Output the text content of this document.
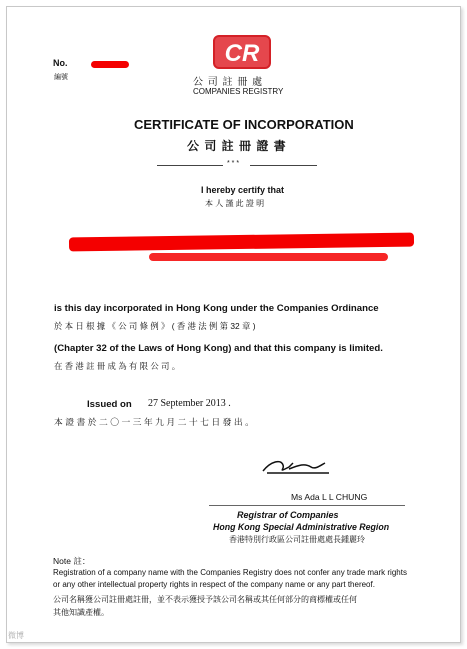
No.
編號
CR
公 司 註 冊 處
COMPANIES REGISTRY
CERTIFICATE OF INCORPORATION
公 司 註 冊 證 書
* * *
I hereby certify that
本 人 謹 此 證 明
is this day incorporated in Hong Kong under the Companies Ordinance
於 本 日 根 據 《 公 司 條 例 》 ( 香 港 法 例 第 32 章 )
(Chapter 32 of the Laws of Hong Kong) and that this company is limited.
在 香 港 註 冊 成 為 有 限 公 司 。
Issued on 27 September 2013 .
本 證 書 於 二 〇 一 三 年 九 月 二 十 七 日 發 出 。
Ms Ada L L CHUNG
Registrar of Companies
Hong Kong Special Administrative Region
香港特別行政區公司註冊處處長鍾麗玲
Note 註：
Registration of a company name with the Companies Registry does not confer any trade mark rights
or any other intellectual property rights in respect of the company name or any part thereof.
公司名稱獲公司註冊處註冊，並不表示獲授予該公司名稱或其任何部分的商標權或任何
其他知識產權。
微博
